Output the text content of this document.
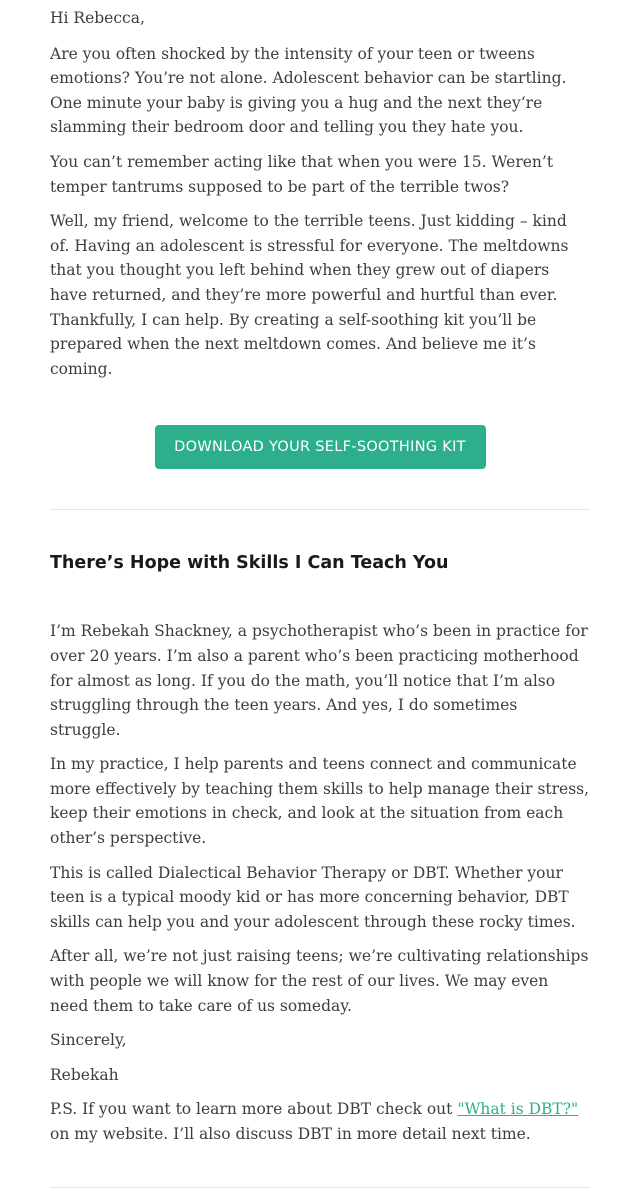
Hi Rebecca,

Are you often shocked by the intensity of your teen or tweens emotions? You’re not alone. Adolescent behavior can be startling. One minute your baby is giving you a hug and the next they‘re slamming their bedroom door and telling you they hate you.

You can’t remember acting like that when you were 15. Weren’t temper tantrums supposed to be part of the terrible twos?

Well, my friend, welcome to the terrible teens. Just kidding – kind of. Having an adolescent is stressful for everyone. The meltdowns that you thought you left behind when they grew out of diapers have returned, and they’re more powerful and hurtful than ever. Thankfully, I can help. By creating a self-soothing kit you’ll be prepared when the next meltdown comes. And believe me it’s coming.

DOWNLOAD YOUR SELF-SOOTHING KIT
There’s Hope with Skills I Can Teach You

I’m Rebekah Shackney, a psychotherapist who’s been in practice for over 20 years. I’m also a parent who’s been practicing motherhood for almost as long. If you do the math, you’ll notice that I’m also struggling through the teen years. And yes, I do sometimes struggle.

In my practice, I help parents and teens connect and communicate more effectively by teaching them skills to help manage their stress, keep their emotions in check, and look at the situation from each other’s perspective.

This is called Dialectical Behavior Therapy or DBT. Whether your teen is a typical moody kid or has more concerning behavior, DBT skills can help you and your adolescent through these rocky times.

After all, we’re not just raising teens; we’re cultivating relationships with people we will know for the rest of our lives. We may even need them to take care of us someday.

Sincerely,

Rebekah

P.S. If you want to learn more about DBT check out "What is DBT?" on my website. I’ll also discuss DBT in more detail next time.
